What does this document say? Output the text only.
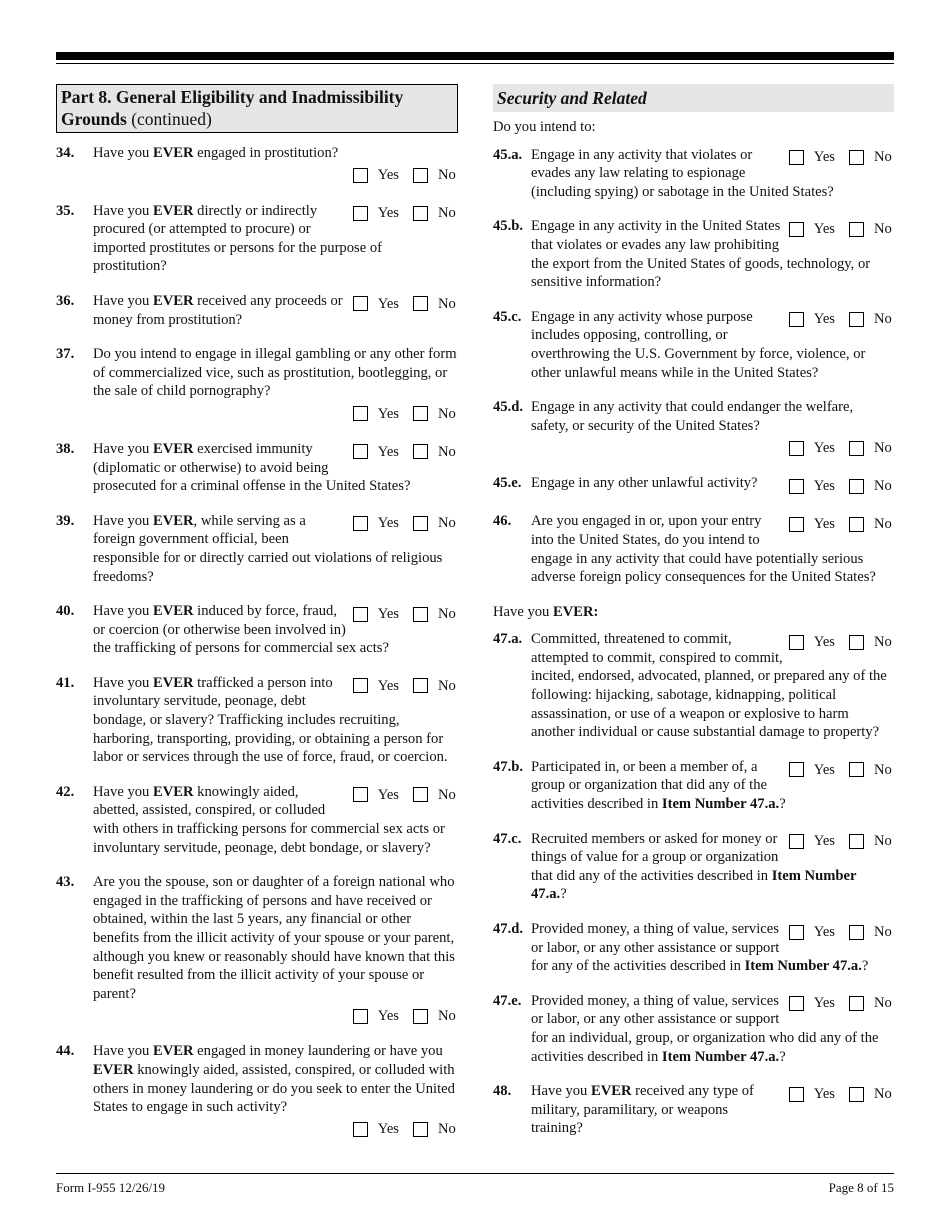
Part 8. General Eligibility and Inadmissibility Grounds (continued)
34. Have you EVER engaged in prostitution?
Yes	No
35.	Yes	No
Have you EVER directly or indirectly procured (or attempted to procure) or imported prostitutes or persons for the purpose of prostitution?
36.	Yes	No
Have you EVER received any proceeds or money from prostitution?
37. Do you intend to engage in illegal gambling or any other form of commercialized vice, such as prostitution, bootlegging, or the sale of child pornography?
Yes	No
38.	Yes	No
Have you EVER exercised immunity (diplomatic or otherwise) to avoid being prosecuted for a criminal offense in the United States?
39.	Yes	No
Have you EVER, while serving as a foreign government official, been responsible for or directly carried out violations of religious freedoms?
40.	Yes	No
Have you EVER induced by force, fraud, or coercion (or otherwise been involved in) the trafficking of persons for commercial sex acts?
41.	Yes	No
Have you EVER trafficked a person into involuntary servitude, peonage, debt bondage, or slavery? Trafficking includes recruiting, harboring, transporting, providing, or obtaining a person for labor or services through the use of force, fraud, or coercion.
42.	Yes	No
Have you EVER knowingly aided, abetted, assisted, conspired, or colluded with others in trafficking persons for commercial sex acts or involuntary servitude, peonage, debt bondage, or slavery?
43. Are you the spouse, son or daughter of a foreign national who engaged in the trafficking of persons and have received or obtained, within the last 5 years, any financial or other benefits from the illicit activity of your spouse or your parent, although you knew or reasonably should have known that this benefit resulted from the illicit activity of your spouse or parent?
Yes	No
44. Have you EVER engaged in money laundering or have you EVER knowingly aided, assisted, conspired, or colluded with others in money laundering or do you seek to enter the United States to engage in such activity?
Yes	No
Security and Related
Do you intend to:
45.a.	Yes	No
Engage in any activity that violates or evades any law relating to espionage (including spying) or sabotage in the United States?
45.b.	Yes	No
Engage in any activity in the United States that violates or evades any law prohibiting the export from the United States of goods, technology, or sensitive information?
45.c.	Yes	No
Engage in any activity whose purpose includes opposing, controlling, or overthrowing the U.S. Government by force, violence, or other unlawful means while in the United States?
45.d. Engage in any activity that could endanger the welfare, safety, or security of the United States?
Yes	No
45.e.	Yes	No
Engage in any other unlawful activity?
46.	Yes	No
Are you engaged in or, upon your entry into the United States, do you intend to engage in any activity that could have potentially serious adverse foreign policy consequences for the United States?
Have you EVER:
47.a.	Yes	No
Committed, threatened to commit, attempted to commit, conspired to commit, incited, endorsed, advocated, planned, or prepared any of the following: hijacking, sabotage, kidnapping, political assassination, or use of a weapon or explosive to harm another individual or cause substantial damage to property?
47.b.	Yes	No
Participated in, or been a member of, a group or organization that did any of the activities described in Item Number 47.a.?
47.c.	Yes	No
Recruited members or asked for money or things of value for a group or organization that did any of the activities described in Item Number 47.a.?
47.d.	Yes	No
Provided money, a thing of value, services or labor, or any other assistance or support for any of the activities described in Item Number 47.a.?
47.e.	Yes	No
Provided money, a thing of value, services or labor, or any other assistance or support for an individual, group, or organization who did any of the activities described in Item Number 47.a.?
48.	Yes	No
Have you EVER received any type of military, paramilitary, or weapons training?
Form I-955 12/26/19	Page 8 of 15
